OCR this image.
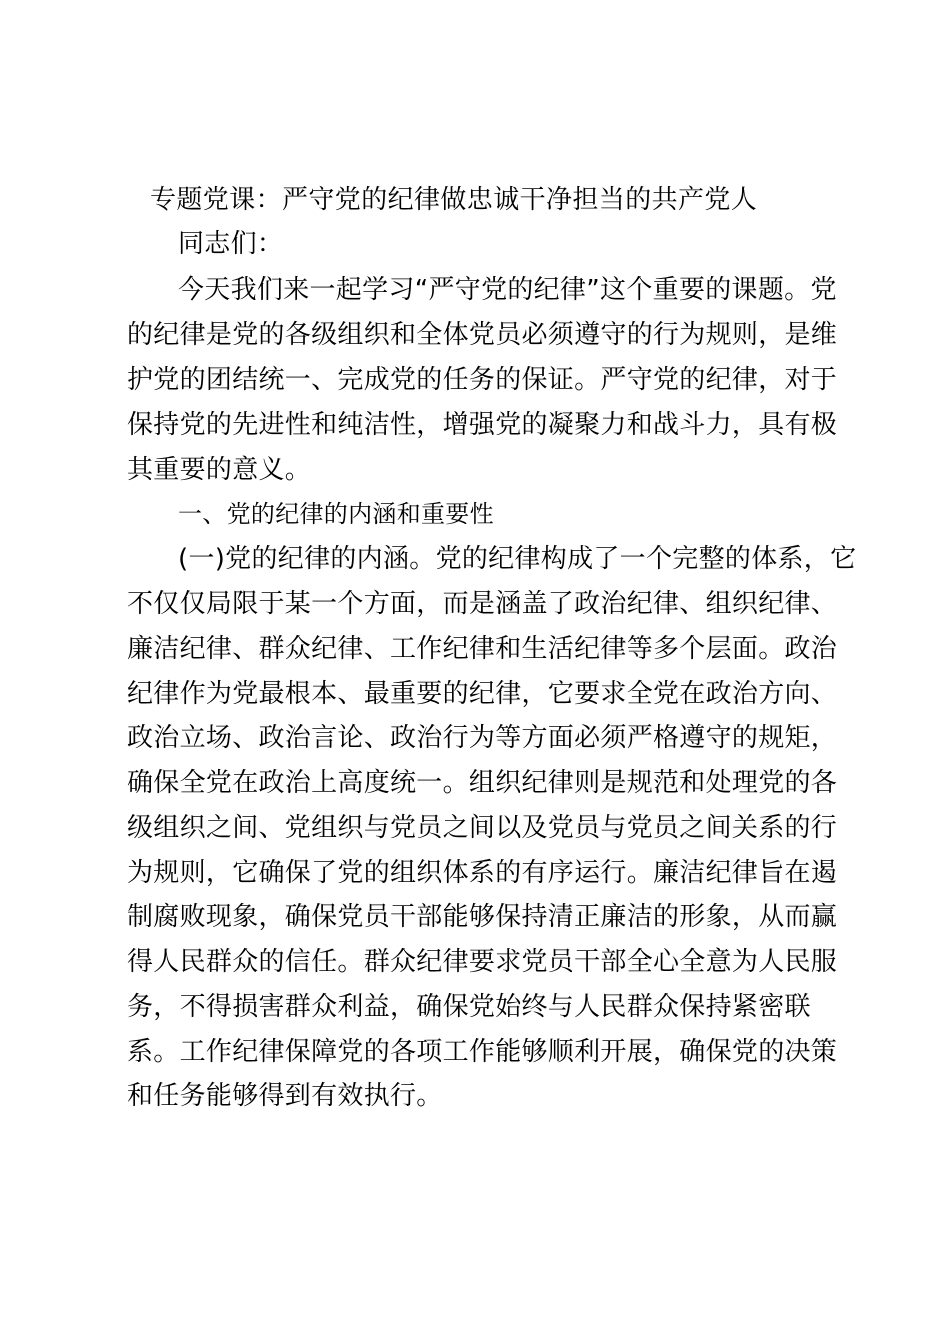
专题党课：严守党的纪律做忠诚干净担当的共产党人
同志们：
今天我们来一起学习“严守党的纪律”这个重要的课题。党
的纪律是党的各级组织和全体党员必须遵守的行为规则，是维
护党的团结统一、完成党的任务的保证。严守党的纪律，对于
保持党的先进性和纯洁性，增强党的凝聚力和战斗力，具有极
其重要的意义。
一、党的纪律的内涵和重要性
(一)党的纪律的内涵。党的纪律构成了一个完整的体系，它
不仅仅局限于某一个方面，而是涵盖了政治纪律、组织纪律、
廉洁纪律、群众纪律、工作纪律和生活纪律等多个层面。政治
纪律作为党最根本、最重要的纪律，它要求全党在政治方向、
政治立场、政治言论、政治行为等方面必须严格遵守的规矩，
确保全党在政治上高度统一。组织纪律则是规范和处理党的各
级组织之间、党组织与党员之间以及党员与党员之间关系的行
为规则，它确保了党的组织体系的有序运行。廉洁纪律旨在遏
制腐败现象，确保党员干部能够保持清正廉洁的形象，从而赢
得人民群众的信任。群众纪律要求党员干部全心全意为人民服
务，不得损害群众利益，确保党始终与人民群众保持紧密联
系。工作纪律保障党的各项工作能够顺利开展，确保党的决策
和任务能够得到有效执行。
